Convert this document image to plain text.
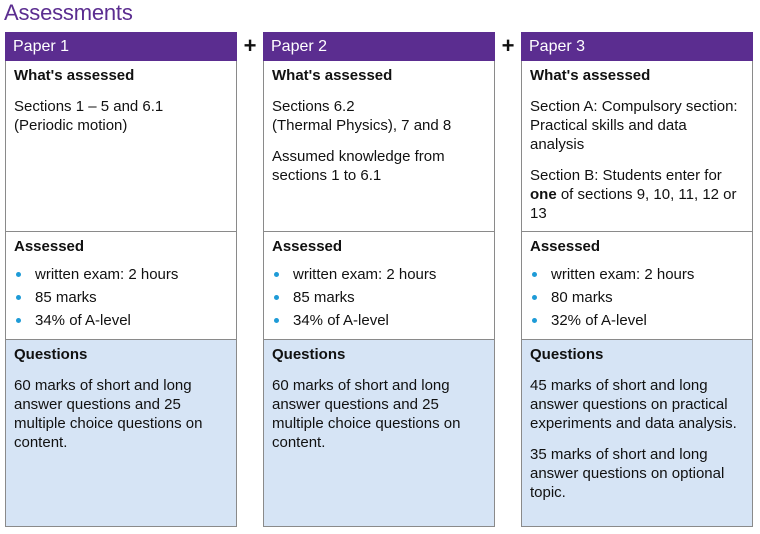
Assessments
+	+
Paper 1
What's assessed
Sections 1 – 5 and 6.1
(Periodic motion)
Assessed
written exam: 2 hours
85 marks
34% of A-level
Questions
60 marks of short and long answer questions and 25 multiple choice questions on content.
Paper 2
What's assessed
Sections 6.2
(Thermal Physics), 7 and 8
Assumed knowledge from sections 1 to 6.1
Assessed
written exam: 2 hours
85 marks
34% of A-level
Questions
60 marks of short and long answer questions and 25 multiple choice questions on content.
Paper 3
What's assessed
Section A: Compulsory section: Practical skills and data analysis
Section B: Students enter for one of sections 9, 10, 11, 12 or 13
Assessed
written exam: 2 hours
80 marks
32% of A-level
Questions
45 marks of short and long answer questions on practical experiments and data analysis.
35 marks of short and long answer questions on optional topic.
